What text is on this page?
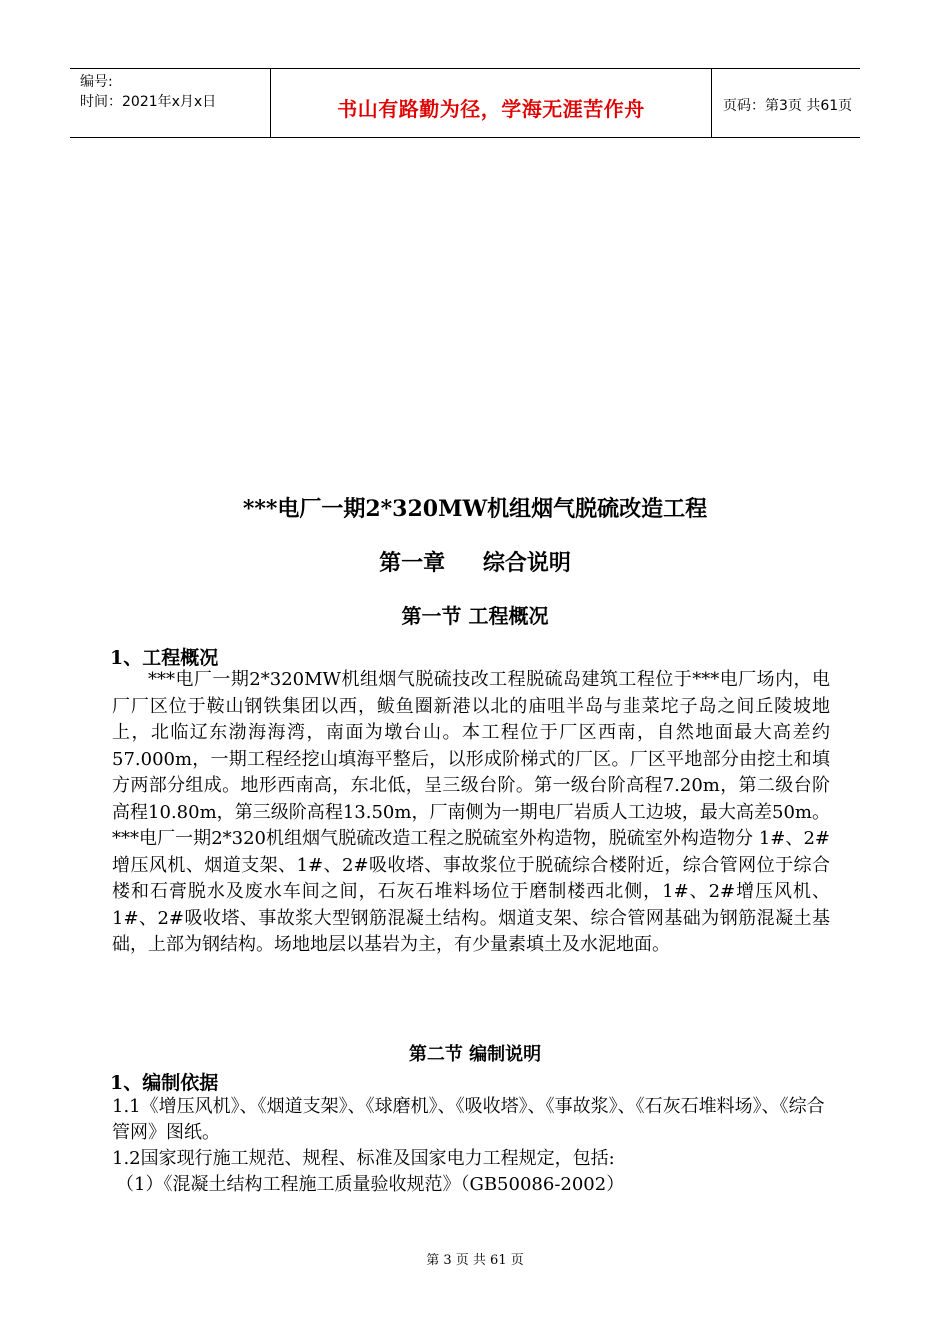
编号:
时间：2021年x月x日	书山有路勤为径，学海无涯苦作舟	页码：第3页 共61页
***电厂一期2*320MW机组烟气脱硫改造工程
第一章 综合说明
第一节 工程概况
1、工程概况

***电厂一期2*320MW机组烟气脱硫技改工程脱硫岛建筑工程位于***电厂场内，电厂厂区位于鞍山钢铁集团以西，鲅鱼圈新港以北的庙咀半岛与韭菜坨子岛之间丘陵坡地上，北临辽东渤海海湾，南面为墩台山。本工程位于厂区西南，自然地面最大高差约57.000m，一期工程经挖山填海平整后，以形成阶梯式的厂区。厂区平地部分由挖土和填方两部分组成。地形西南高，东北低，呈三级台阶。第一级台阶高程7.20m，第二级台阶高程10.80m，第三级阶高程13.50m，厂南侧为一期电厂岩质人工边坡，最大高差50m。***电厂一期2*320机组烟气脱硫改造工程之脱硫室外构造物，脱硫室外构造物分 1#、2#增压风机、烟道支架、1#、2#吸收塔、事故浆位于脱硫综合楼附近，综合管网位于综合楼和石膏脱水及废水车间之间，石灰石堆料场位于磨制楼西北侧，1#、2#增压风机、1#、2#吸收塔、事故浆大型钢筋混凝土结构。烟道支架、综合管网基础为钢筋混凝土基础，上部为钢结构。场地地层以基岩为主，有少量素填土及水泥地面。

第二节 编制说明
1、编制依据

1.1《增压风机》、《烟道支架》、《球磨机》、《吸收塔》、《事故浆》、《石灰石堆料场》、《综合管网》图纸。

1.2国家现行施工规范、规程、标准及国家电力工程规定，包括:

（1）《混凝土结构工程施工质量验收规范》（GB50086-2002）

第 3 页 共 61 页
